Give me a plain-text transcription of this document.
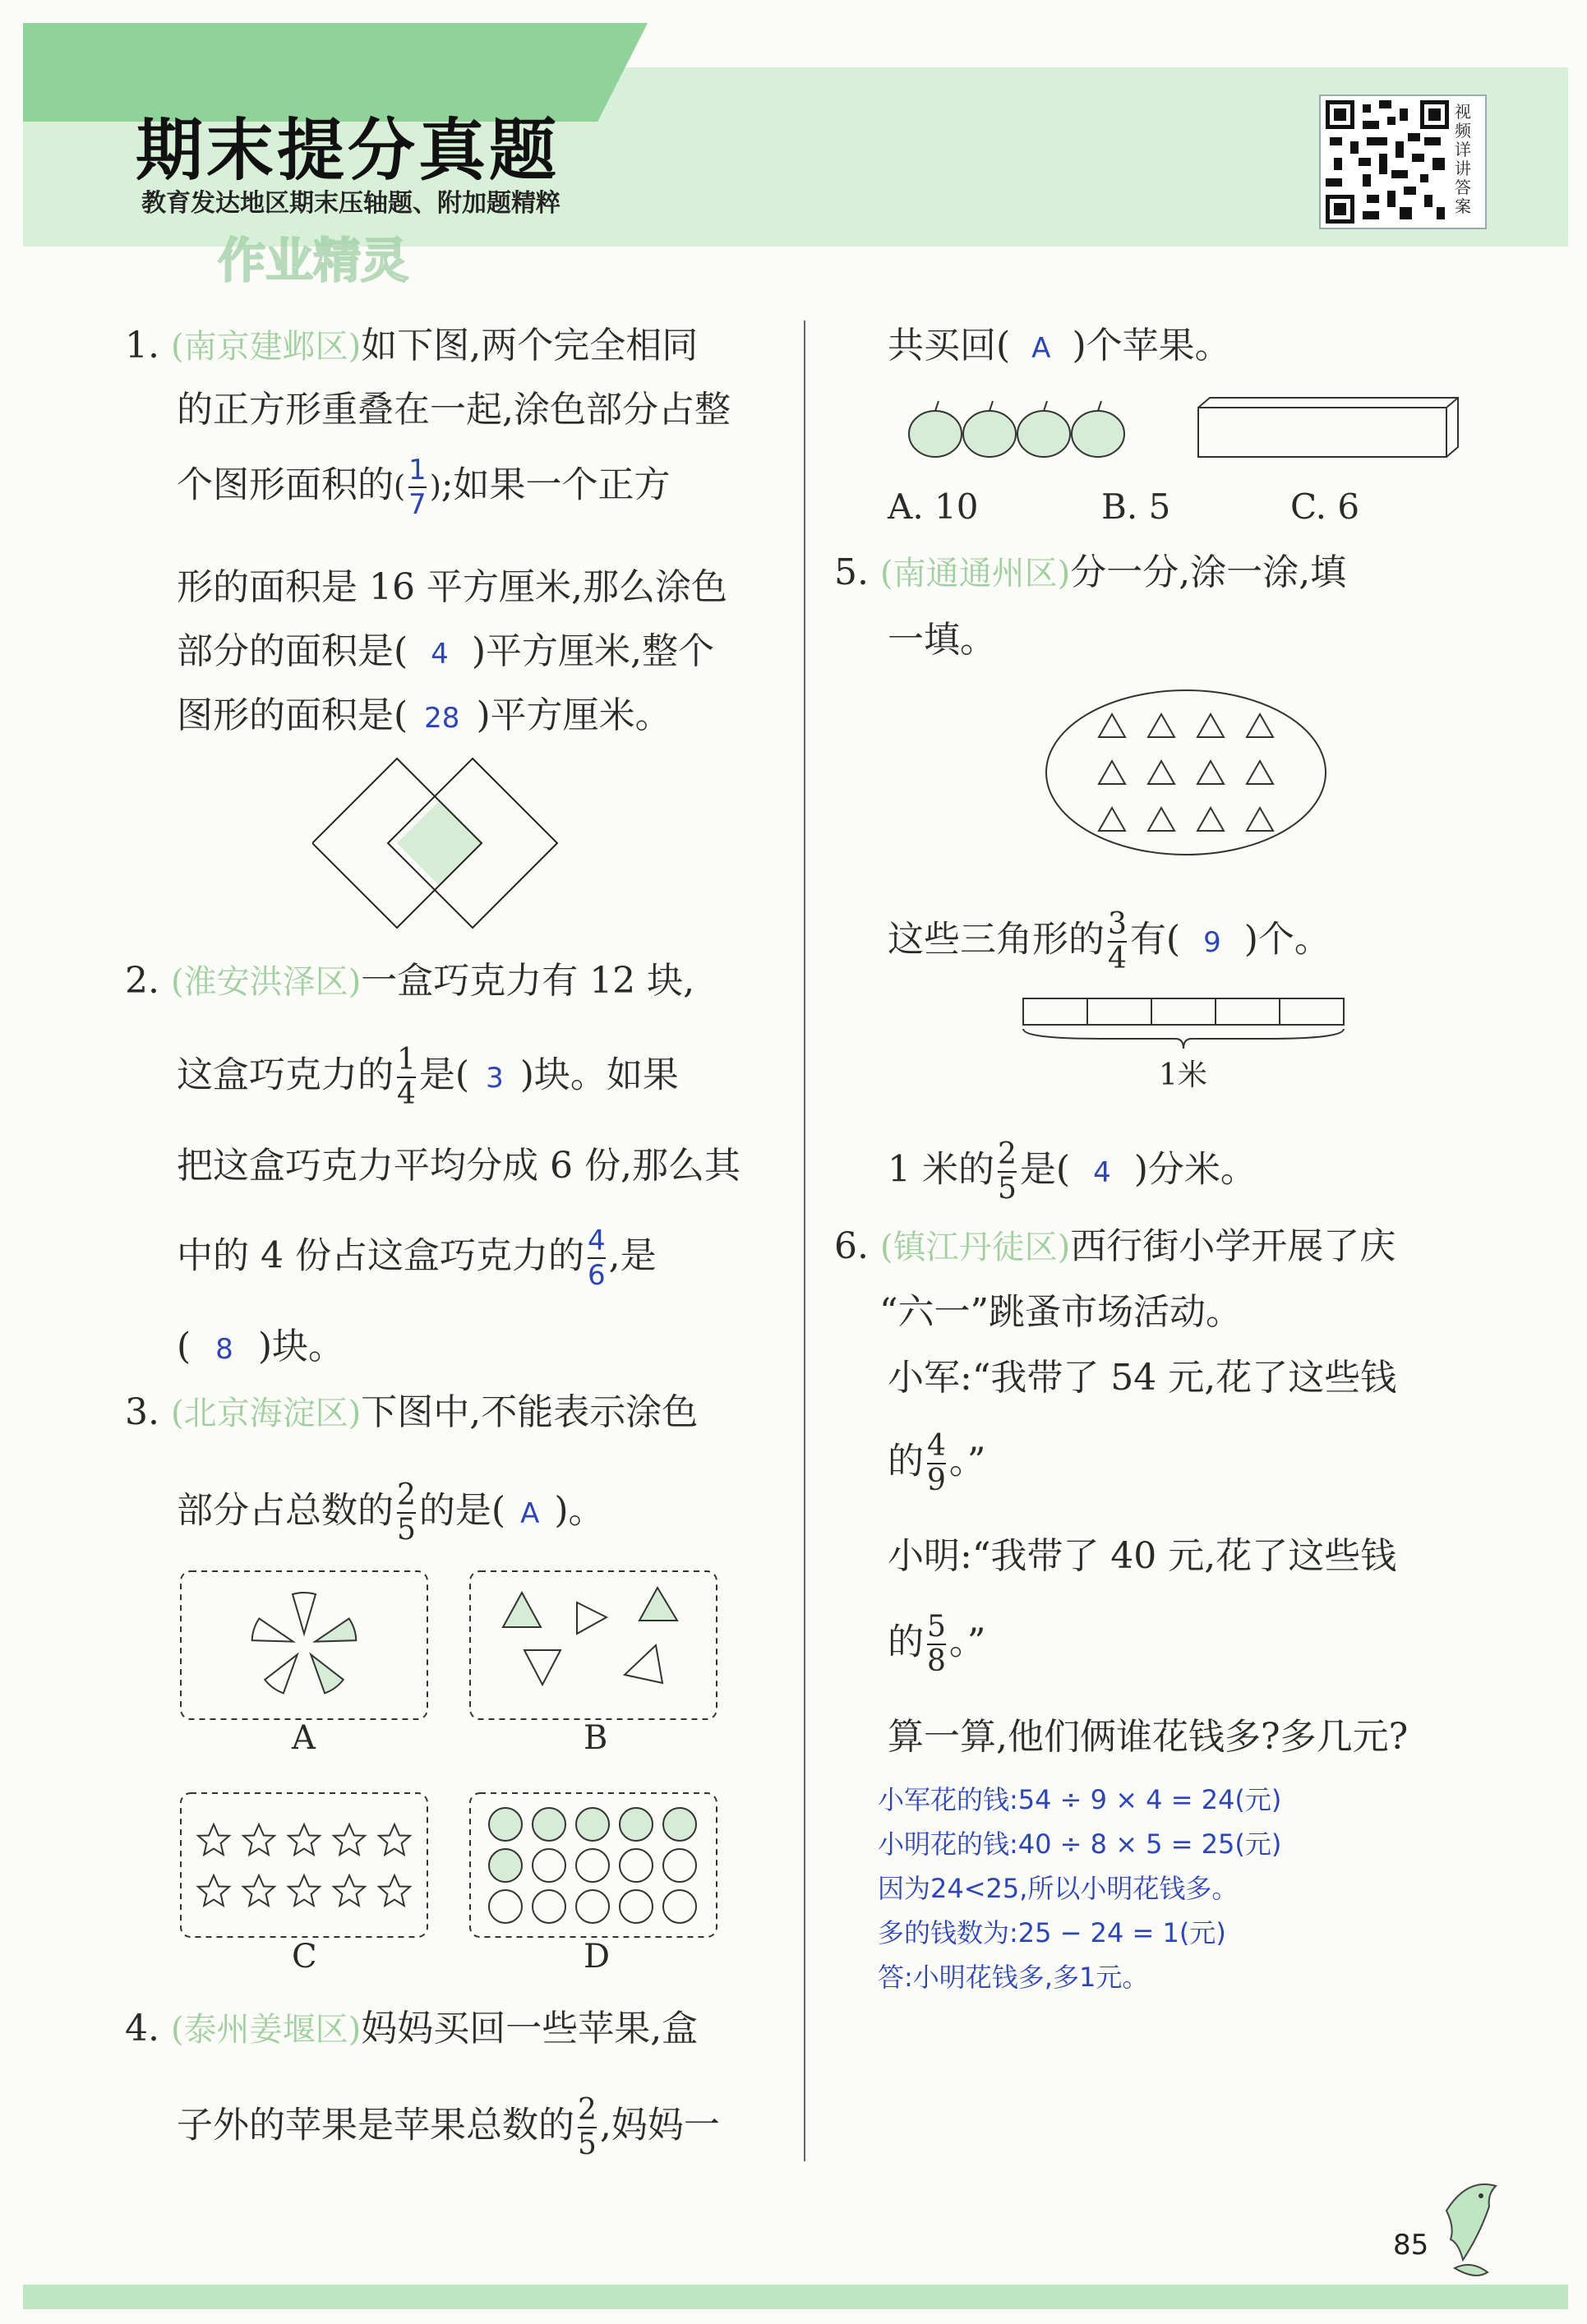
期末提分真题
教育发达地区期末压轴题、附加题精粹
作业精灵
视频详讲答案
1. (南京建邺区)如下图,两个完全相同
的正方形重叠在一起,涂色部分占整
个图形面积的( $\frac{1}{7}$ );如果一个正方
形的面积是 16 平方厘米,那么涂色
部分的面积是( 4 )平方厘米,整个
图形的面积是( 28 )平方厘米。
2. (淮安洪泽区)一盒巧克力有 12 块,
这盒巧克力的 $\frac{1}{4}$ 是( 3 )块。如果
把这盒巧克力平均分成 6 份,那么其
中的 4 份占这盒巧克力的 $\frac{4}{6}$ ,是
( 8 )块。
3. (北京海淀区)下图中,不能表示涂色
部分占总数的 $\frac{2}{5}$ 的是( A )。
A	B
C	D
4. (泰州姜堰区)妈妈买回一些苹果,盒
子外的苹果是苹果总数的 $\frac{2}{5}$ ,妈妈一
共买回( A )个苹果。
A. 10	B. 5	C. 6
5. (南通通州区)分一分,涂一涂,填
一填。
这些三角形的 $\frac{3}{4}$ 有( 9 )个。
1米
1 米的 $\frac{2}{5}$ 是( 4 )分米。
6. (镇江丹徒区)西行街小学开展了庆
“六一”跳蚤市场活动。
小军:“我带了 54 元,花了这些钱
的 $\frac{4}{9}$ 。”
小明:“我带了 40 元,花了这些钱
的 $\frac{5}{8}$ 。”
算一算,他们俩谁花钱多?多几元?
小军花的钱:54 ÷ 9 × 4 = 24(元)
小明花的钱:40 ÷ 8 × 5 = 25(元)
因为24<25,所以小明花钱多。
多的钱数为:25 − 24 = 1(元)
答:小明花钱多,多1元。
85
